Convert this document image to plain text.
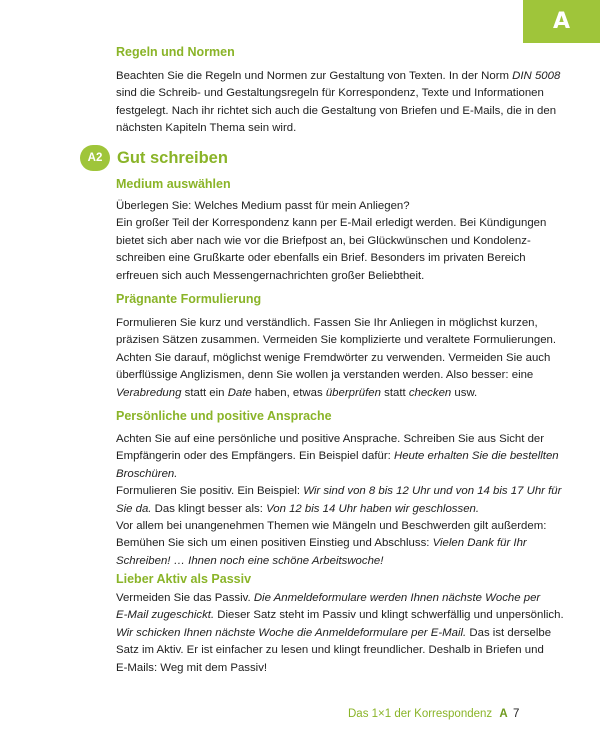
A
Regeln und Normen
Beachten Sie die Regeln und Normen zur Gestaltung von Texten. In der Norm DIN 5008
sind die Schreib- und Gestaltungsregeln für Korrespondenz, Texte und Informationen
festgelegt. Nach ihr richtet sich auch die Gestaltung von Briefen und E-Mails, die in den
nächsten Kapiteln Thema sein wird.
Medium auswählen
Überlegen Sie: Welches Medium passt für mein Anliegen?
Ein großer Teil der Korrespondenz kann per E-Mail erledigt werden. Bei Kündigungen
bietet sich aber nach wie vor die Briefpost an, bei Glückwünschen und Kondolenz-
schreiben eine Grußkarte oder ebenfalls ein Brief. Besonders im privaten Bereich
erfreuen sich auch Messengernachrichten großer Beliebtheit.
Prägnante Formulierung
Formulieren Sie kurz und verständlich. Fassen Sie Ihr Anliegen in möglichst kurzen,
präzisen Sätzen zusammen. Vermeiden Sie komplizierte und veraltete Formulierungen.
Achten Sie darauf, möglichst wenige Fremdwörter zu verwenden. Vermeiden Sie auch
überflüssige Anglizismen, denn Sie wollen ja verstanden werden. Also besser: eine
Verabredung statt ein Date haben, etwas überprüfen statt checken usw.
Persönliche und positive Ansprache
Achten Sie auf eine persönliche und positive Ansprache. Schreiben Sie aus Sicht der
Empfängerin oder des Empfängers. Ein Beispiel dafür: Heute erhalten Sie die bestellten
Broschüren.
Formulieren Sie positiv. Ein Beispiel: Wir sind von 8 bis 12 Uhr und von 14 bis 17 Uhr für
Sie da. Das klingt besser als: Von 12 bis 14 Uhr haben wir geschlossen.
Vor allem bei unangenehmen Themen wie Mängeln und Beschwerden gilt außerdem:
Bemühen Sie sich um einen positiven Einstieg und Abschluss: Vielen Dank für Ihr
Schreiben! … Ihnen noch eine schöne Arbeitswoche!
Lieber Aktiv als Passiv
Vermeiden Sie das Passiv. Die Anmeldeformulare werden Ihnen nächste Woche per
E-Mail zugeschickt. Dieser Satz steht im Passiv und klingt schwerfällig und unpersönlich.
Wir schicken Ihnen nächste Woche die Anmeldeformulare per E-Mail. Das ist derselbe
Satz im Aktiv. Er ist einfacher zu lesen und klingt freundlicher. Deshalb in Briefen und
E-Mails: Weg mit dem Passiv!
A2 Gut schreiben
Das 1×1 der Korrespondenz A 7
